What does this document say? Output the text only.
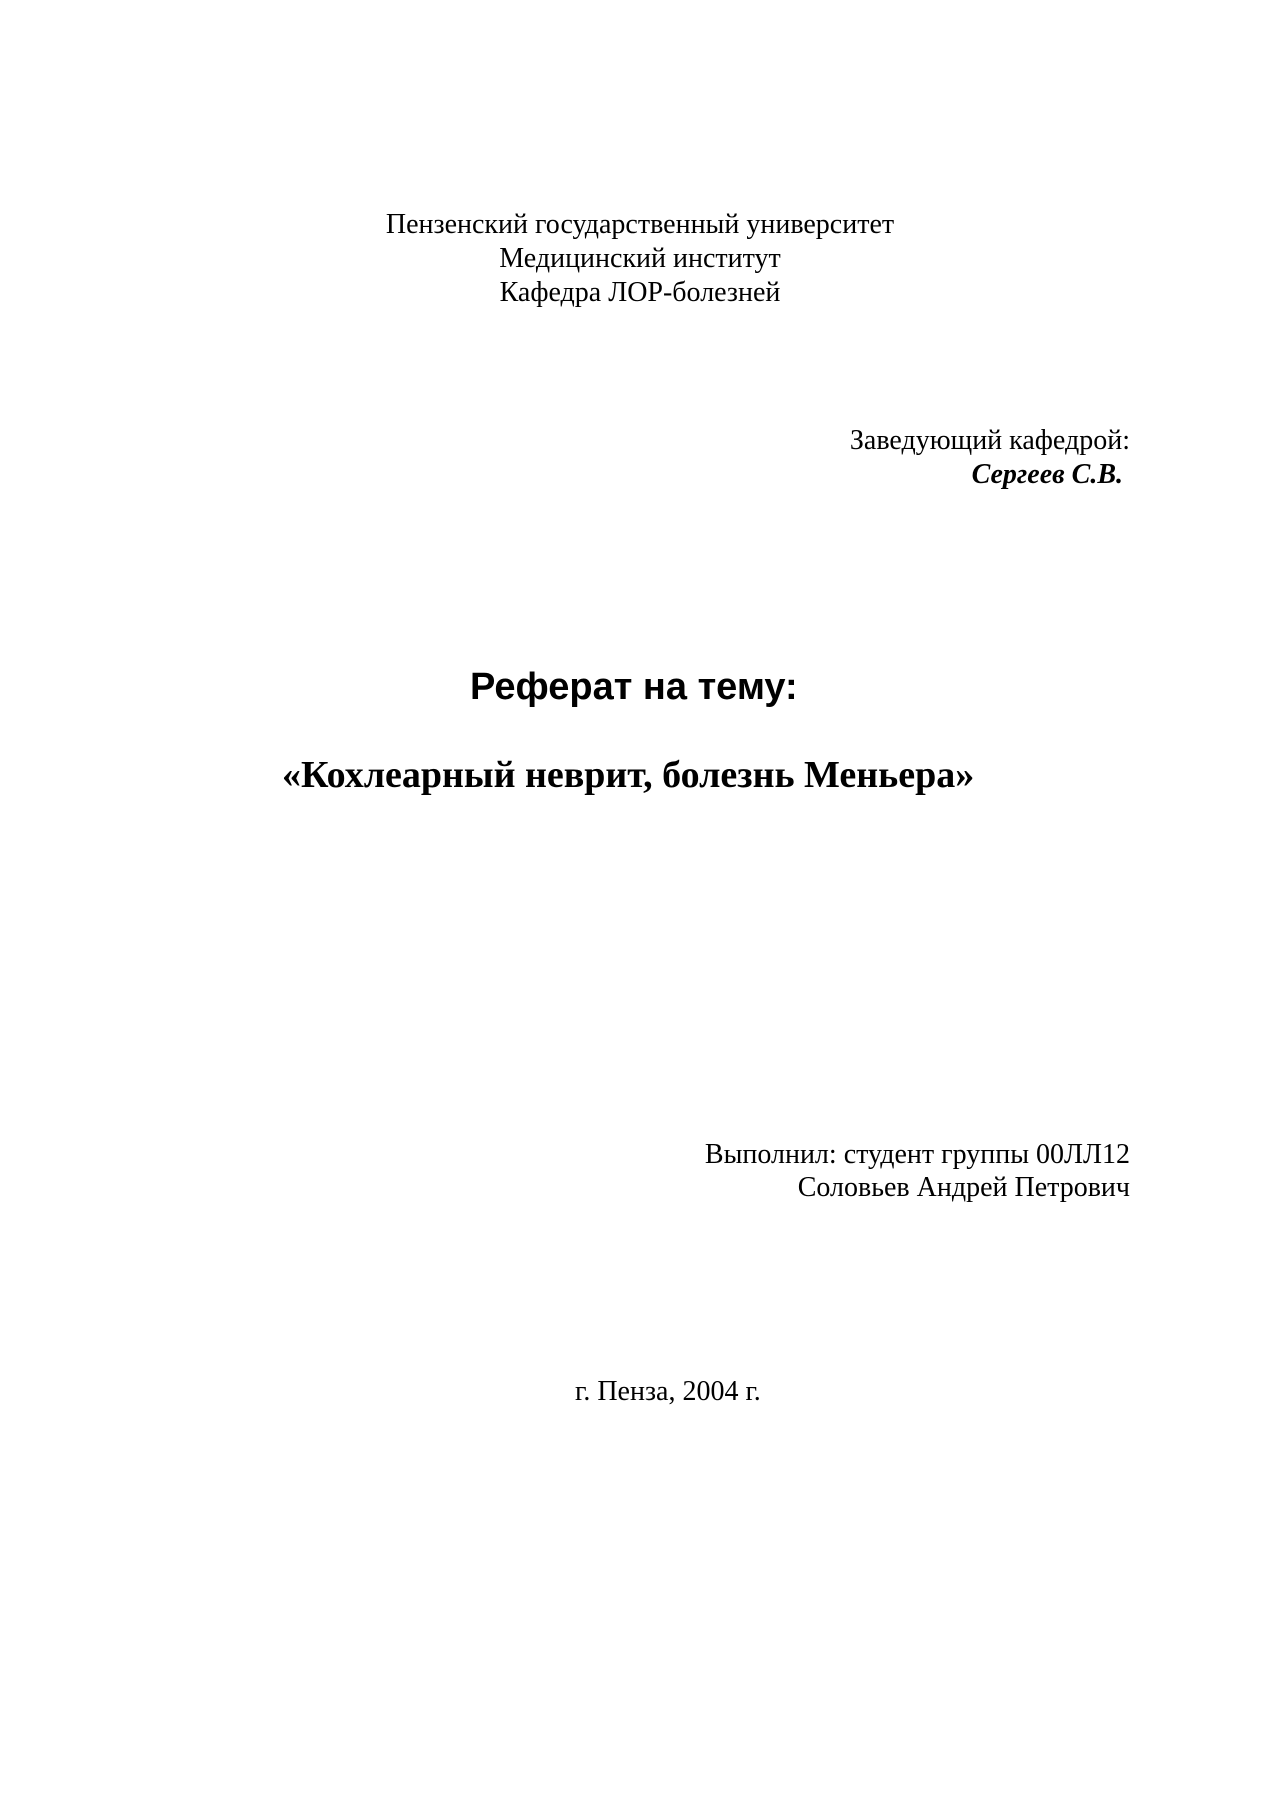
Пензенский государственный университет

Медицинский институт

Кафедра ЛОР-болезней

Заведующий кафедрой:

Сергеев С.В.

Реферат на тему:

«Кохлеарный неврит, болезнь Меньера»

Выполнил: студент группы 00ЛЛ12

Соловьев Андрей Петрович

г. Пенза, 2004 г.
